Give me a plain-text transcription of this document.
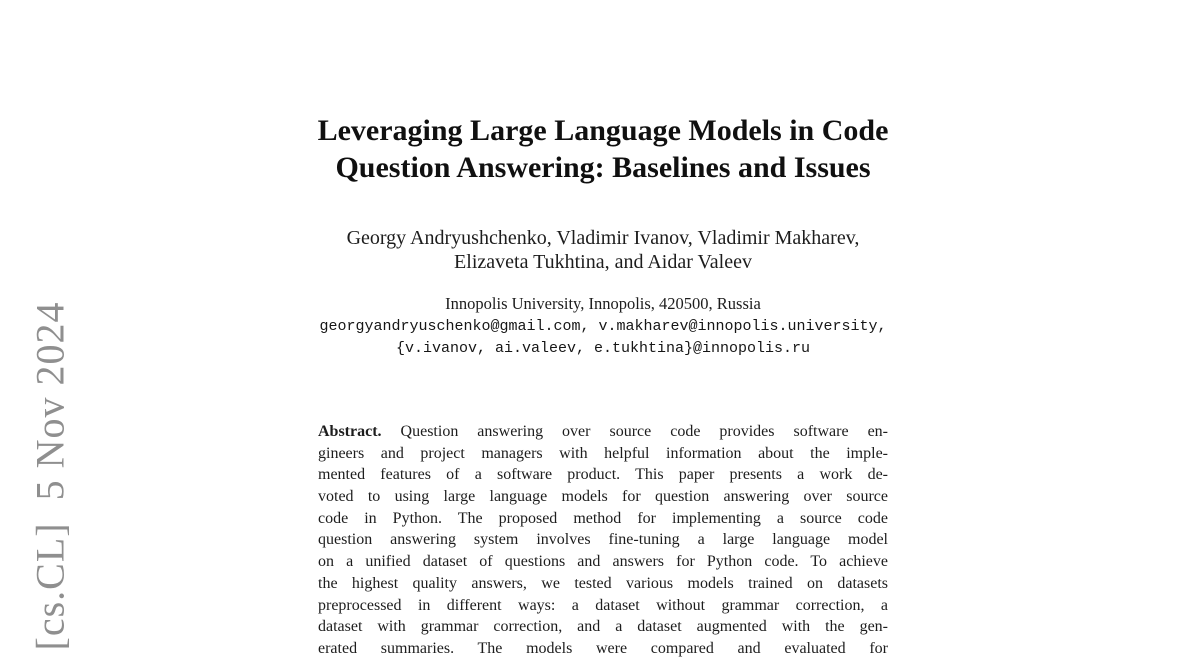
[cs.CL]  5 Nov 2024
Leveraging Large Language Models in Code
Question Answering: Baselines and Issues
Georgy Andryushchenko, Vladimir Ivanov, Vladimir Makharev,
Elizaveta Tukhtina, and Aidar Valeev
Innopolis University, Innopolis, 420500, Russia
georgyandryuschenko@gmail.com, v.makharev@innopolis.university,
{v.ivanov, ai.valeev, e.tukhtina}@innopolis.ru
Abstract. Question answering over source code provides software en-
gineers and project managers with helpful information about the imple-
mented features of a software product. This paper presents a work de-
voted to using large language models for question answering over source
code in Python. The proposed method for implementing a source code
question answering system involves fine-tuning a large language model
on a unified dataset of questions and answers for Python code. To achieve
the highest quality answers, we tested various models trained on datasets
preprocessed in different ways: a dataset without grammar correction, a
dataset with grammar correction, and a dataset augmented with the gen-
erated summaries. The models were compared and evaluated for
